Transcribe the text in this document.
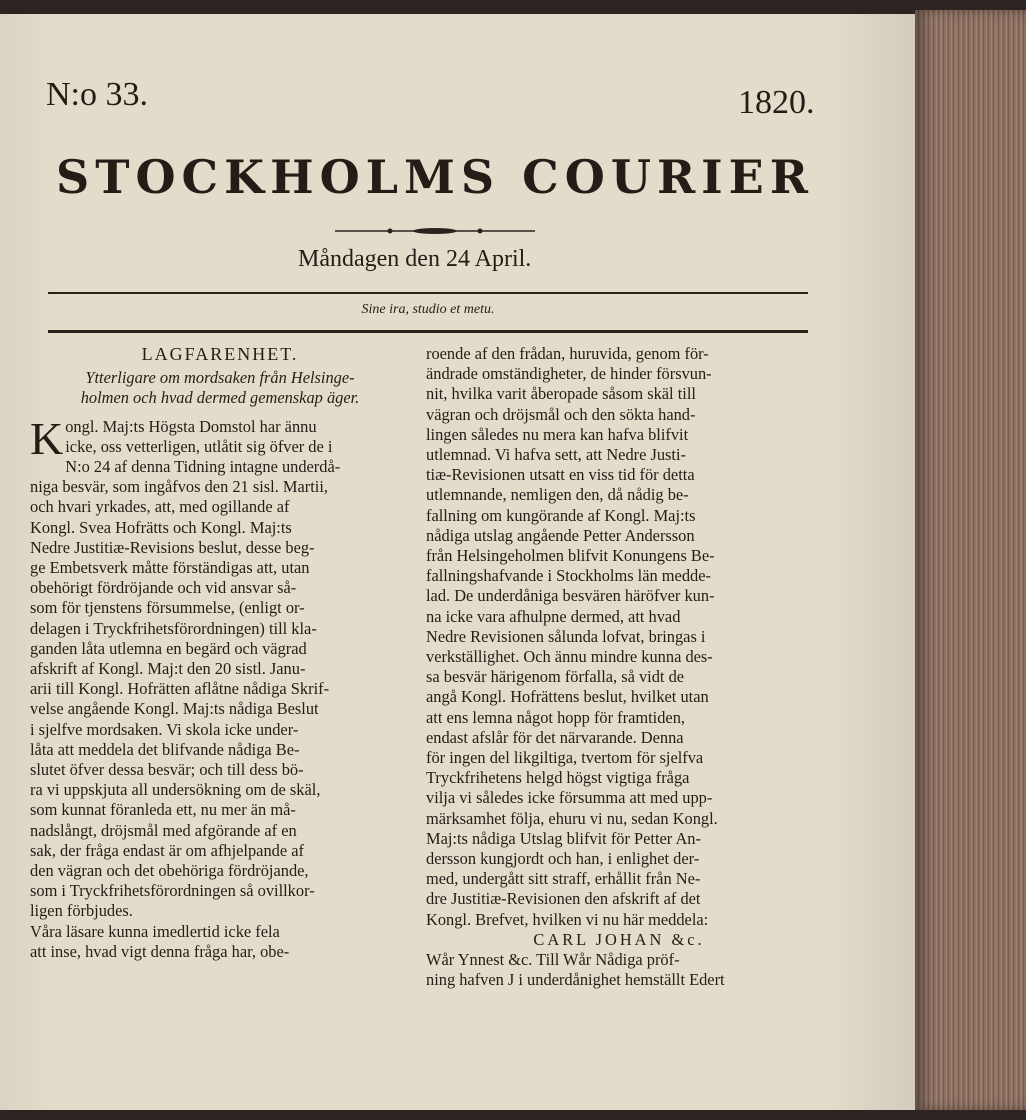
N:o 33.	1820.
STOCKHOLMS COURIER
Måndagen den 24 April.
Sine ira, studio et metu.
LAGFARENHET.
Ytterligare om mordsaken från Helsinge-
holmen och hvad dermed gemenskap äger.
K ongl. Maj:ts Högsta Domstol har ännu
icke, oss vetterligen, utlåtit sig öfver de i
N:o 24 af denna Tidning intagne underdå-
niga besvär, som ingåfvos den 21 sisl. Martii,
och hvari yrkades, att, med ogillande af
Kongl. Svea Hofrätts och Kongl. Maj:ts
Nedre Justitiæ-Revisions beslut, desse beg-
ge Embetsverk måtte förständigas att, utan
obehörigt fördröjande och vid ansvar så-
som för tjenstens försummelse, (enligt or-
delagen i Tryckfrihetsförordningen) till kla-
ganden låta utlemna en begärd och vägrad
afskrift af Kongl. Maj:t den 20 sistl. Janu-
arii till Kongl. Hofrätten aflåtne nådiga Skrif-
velse angående Kongl. Maj:ts nådiga Beslut
i sjelfve mordsaken. Vi skola icke under-
låta att meddela det blifvande nådiga Be-
slutet öfver dessa besvär; och till dess bö-
ra vi uppskjuta all undersökning om de skäl,
som kunnat föranleda ett, nu mer än må-
nadslångt, dröjsmål med afgörande af en
sak, der fråga endast är om afhjelpande af
den vägran och det obehöriga fördröjande,
som i Tryckfrihetsförordningen så ovillkor-
ligen förbjudes.
Våra läsare kunna imedlertid icke fela
att inse, hvad vigt denna fråga har, obe-
roende af den frådan, huruvida, genom för-
ändrade omständigheter, de hinder försvun-
nit, hvilka varit åberopade såsom skäl till
vägran och dröjsmål och den sökta hand-
lingen således nu mera kan hafva blifvit
utlemnad. Vi hafva sett, att Nedre Justi-
tiæ-Revisionen utsatt en viss tid för detta
utlemnande, nemligen den, då nådig be-
fallning om kungörande af Kongl. Maj:ts
nådiga utslag angående Petter Andersson
från Helsingeholmen blifvit Konungens Be-
fallningshafvande i Stockholms län medde-
lad. De underdåniga besvären häröfver kun-
na icke vara afhulpne dermed, att hvad
Nedre Revisionen sålunda lofvat, bringas i
verkställighet. Och ännu mindre kunna des-
sa besvär härigenom förfalla, så vidt de
angå Kongl. Hofrättens beslut, hvilket utan
att ens lemna något hopp för framtiden,
endast afslår för det närvarande. Denna
för ingen del likgiltiga, tvertom för sjelfva
Tryckfrihetens helgd högst vigtiga fråga
vilja vi således icke försumma att med upp-
märksamhet följa, ehuru vi nu, sedan Kongl.
Maj:ts nådiga Utslag blifvit för Petter An-
dersson kungjordt och han, i enlighet der-
med, undergått sitt straff, erhållit från Ne-
dre Justitiæ-Revisionen den afskrift af det
Kongl. Brefvet, hvilken vi nu här meddela:
CARL JOHAN &c.
Wår Ynnest &c. Till Wår Nådiga pröf-
ning hafven J i underdånighet hemställt Edert
